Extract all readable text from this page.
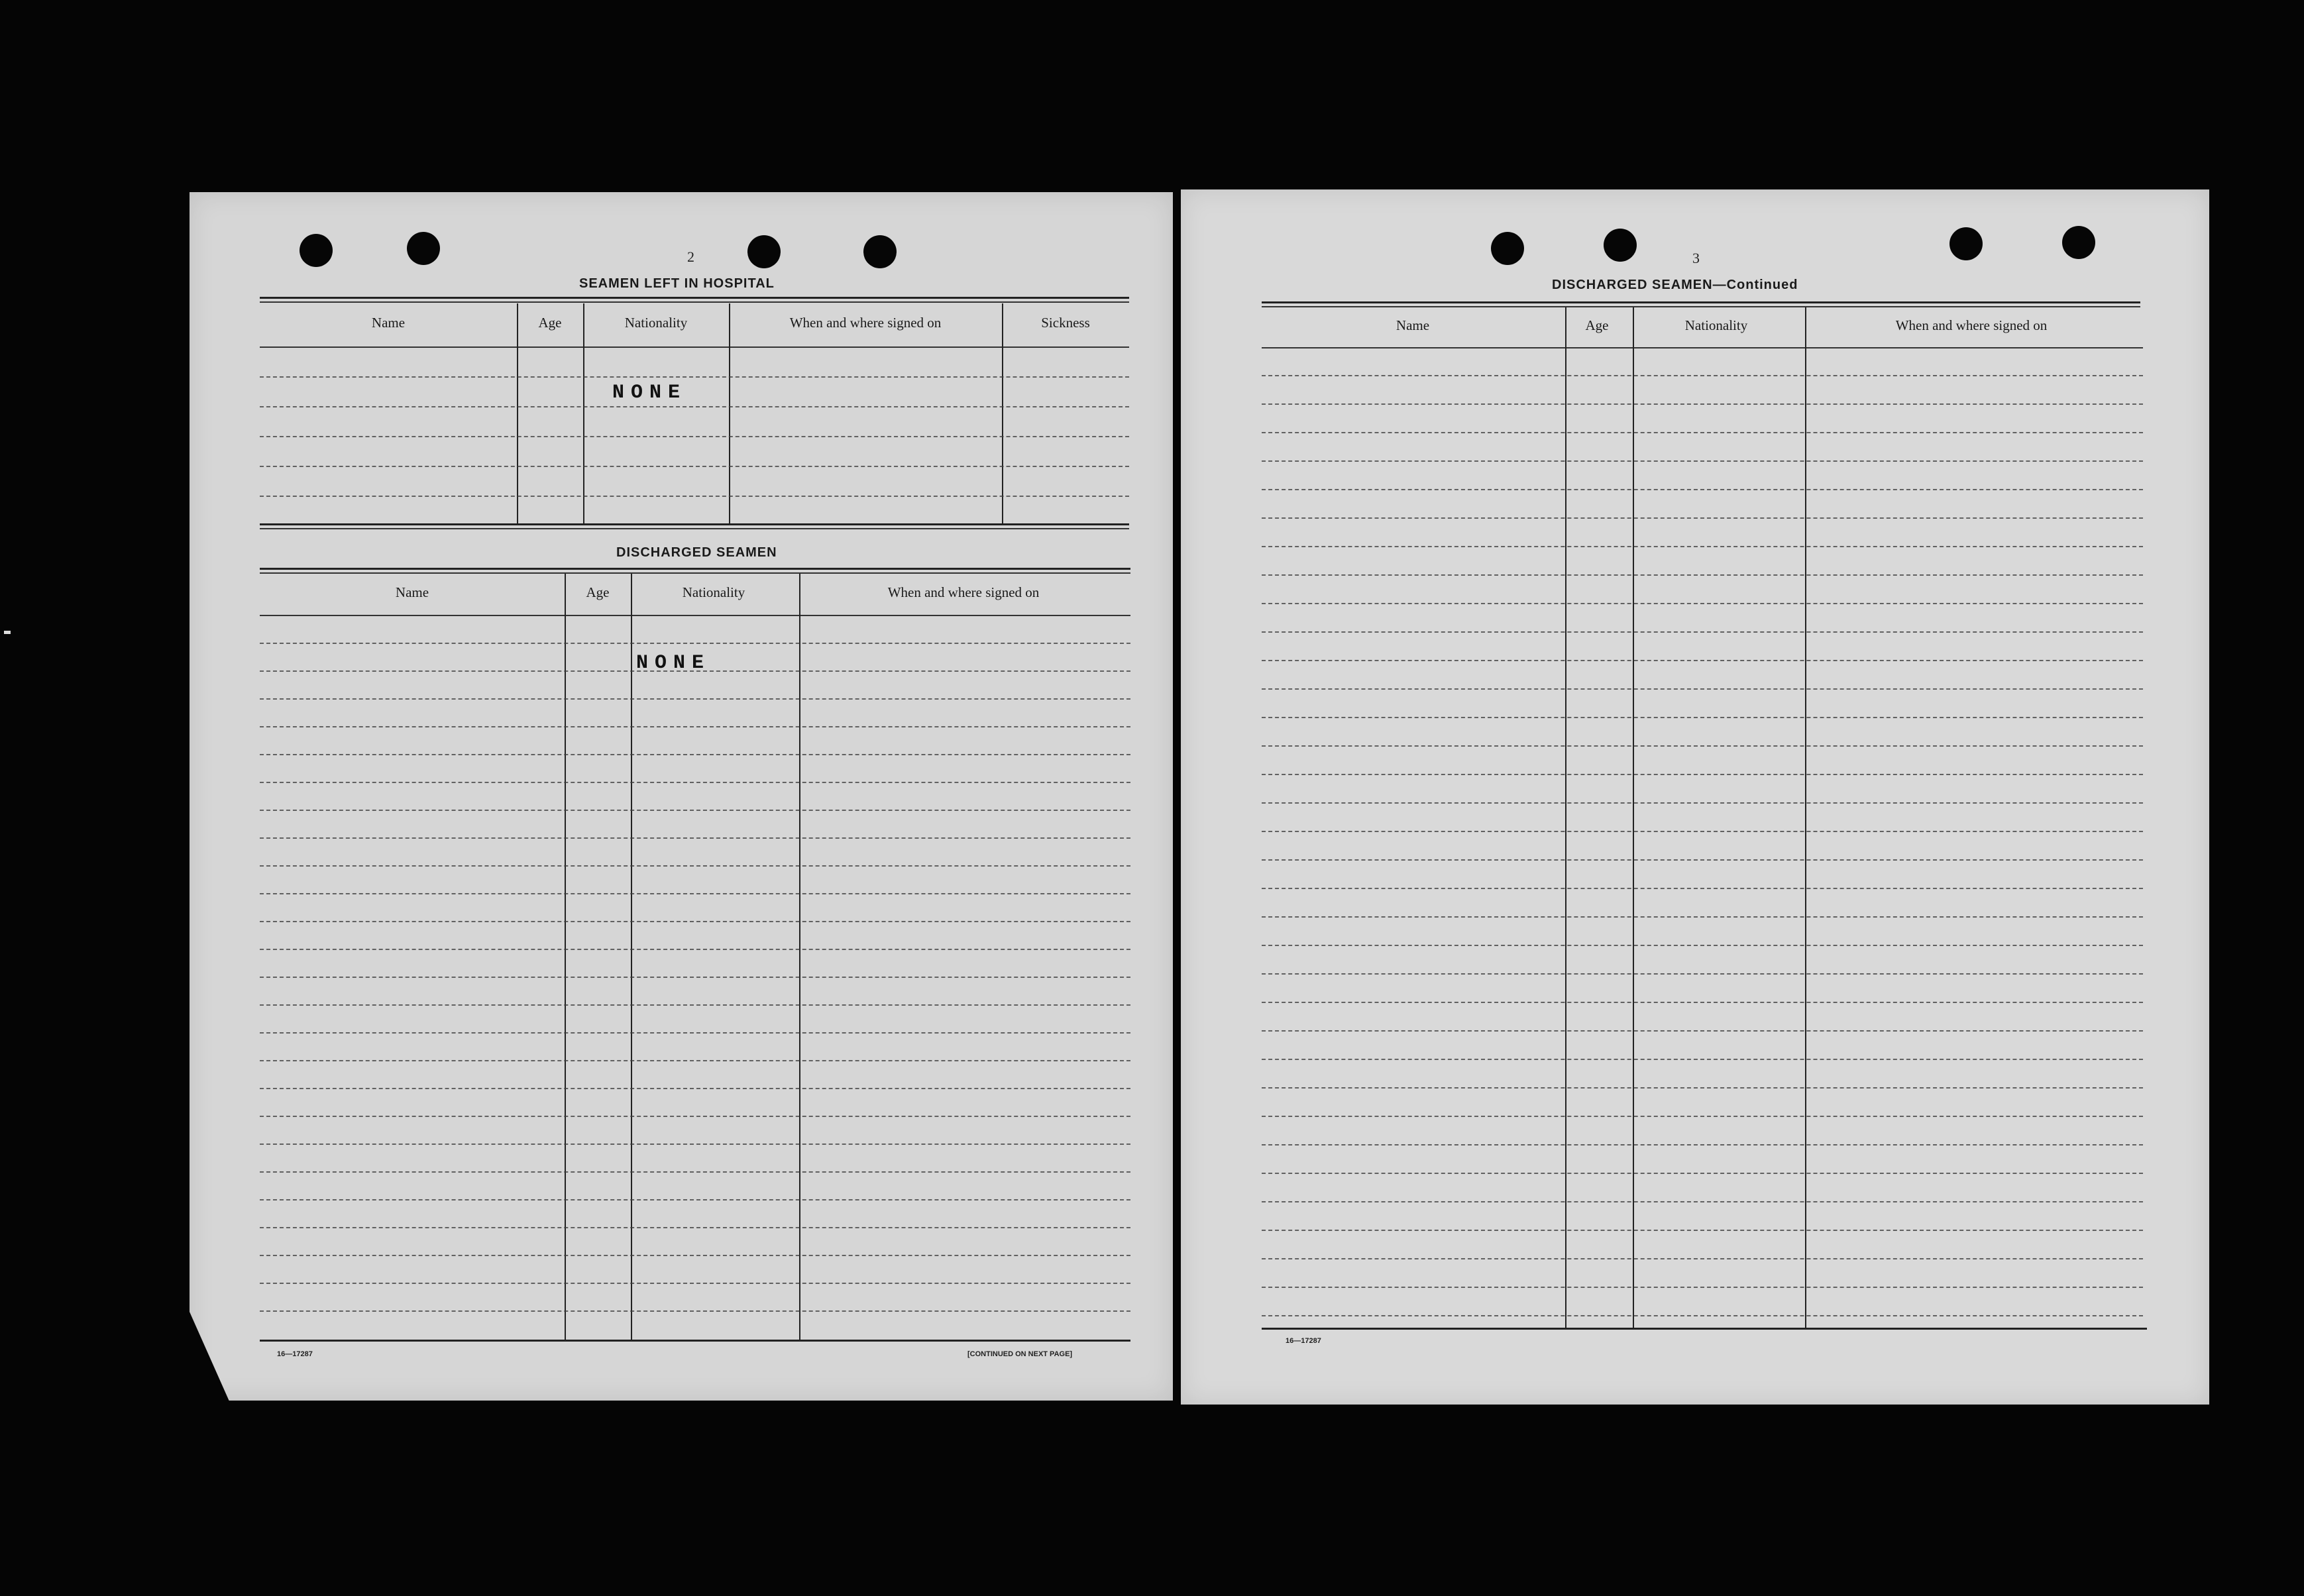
2
SEAMEN LEFT IN HOSPITAL
Name	Age	Nationality	When and where signed on	Sickness
NONE
DISCHARGED SEAMEN
Name	Age	Nationality	When and where signed on
NONE
16—17287	[CONTINUED ON NEXT PAGE]
3
DISCHARGED SEAMEN—Continued
Name	Age	Nationality	When and where signed on
16—17287
